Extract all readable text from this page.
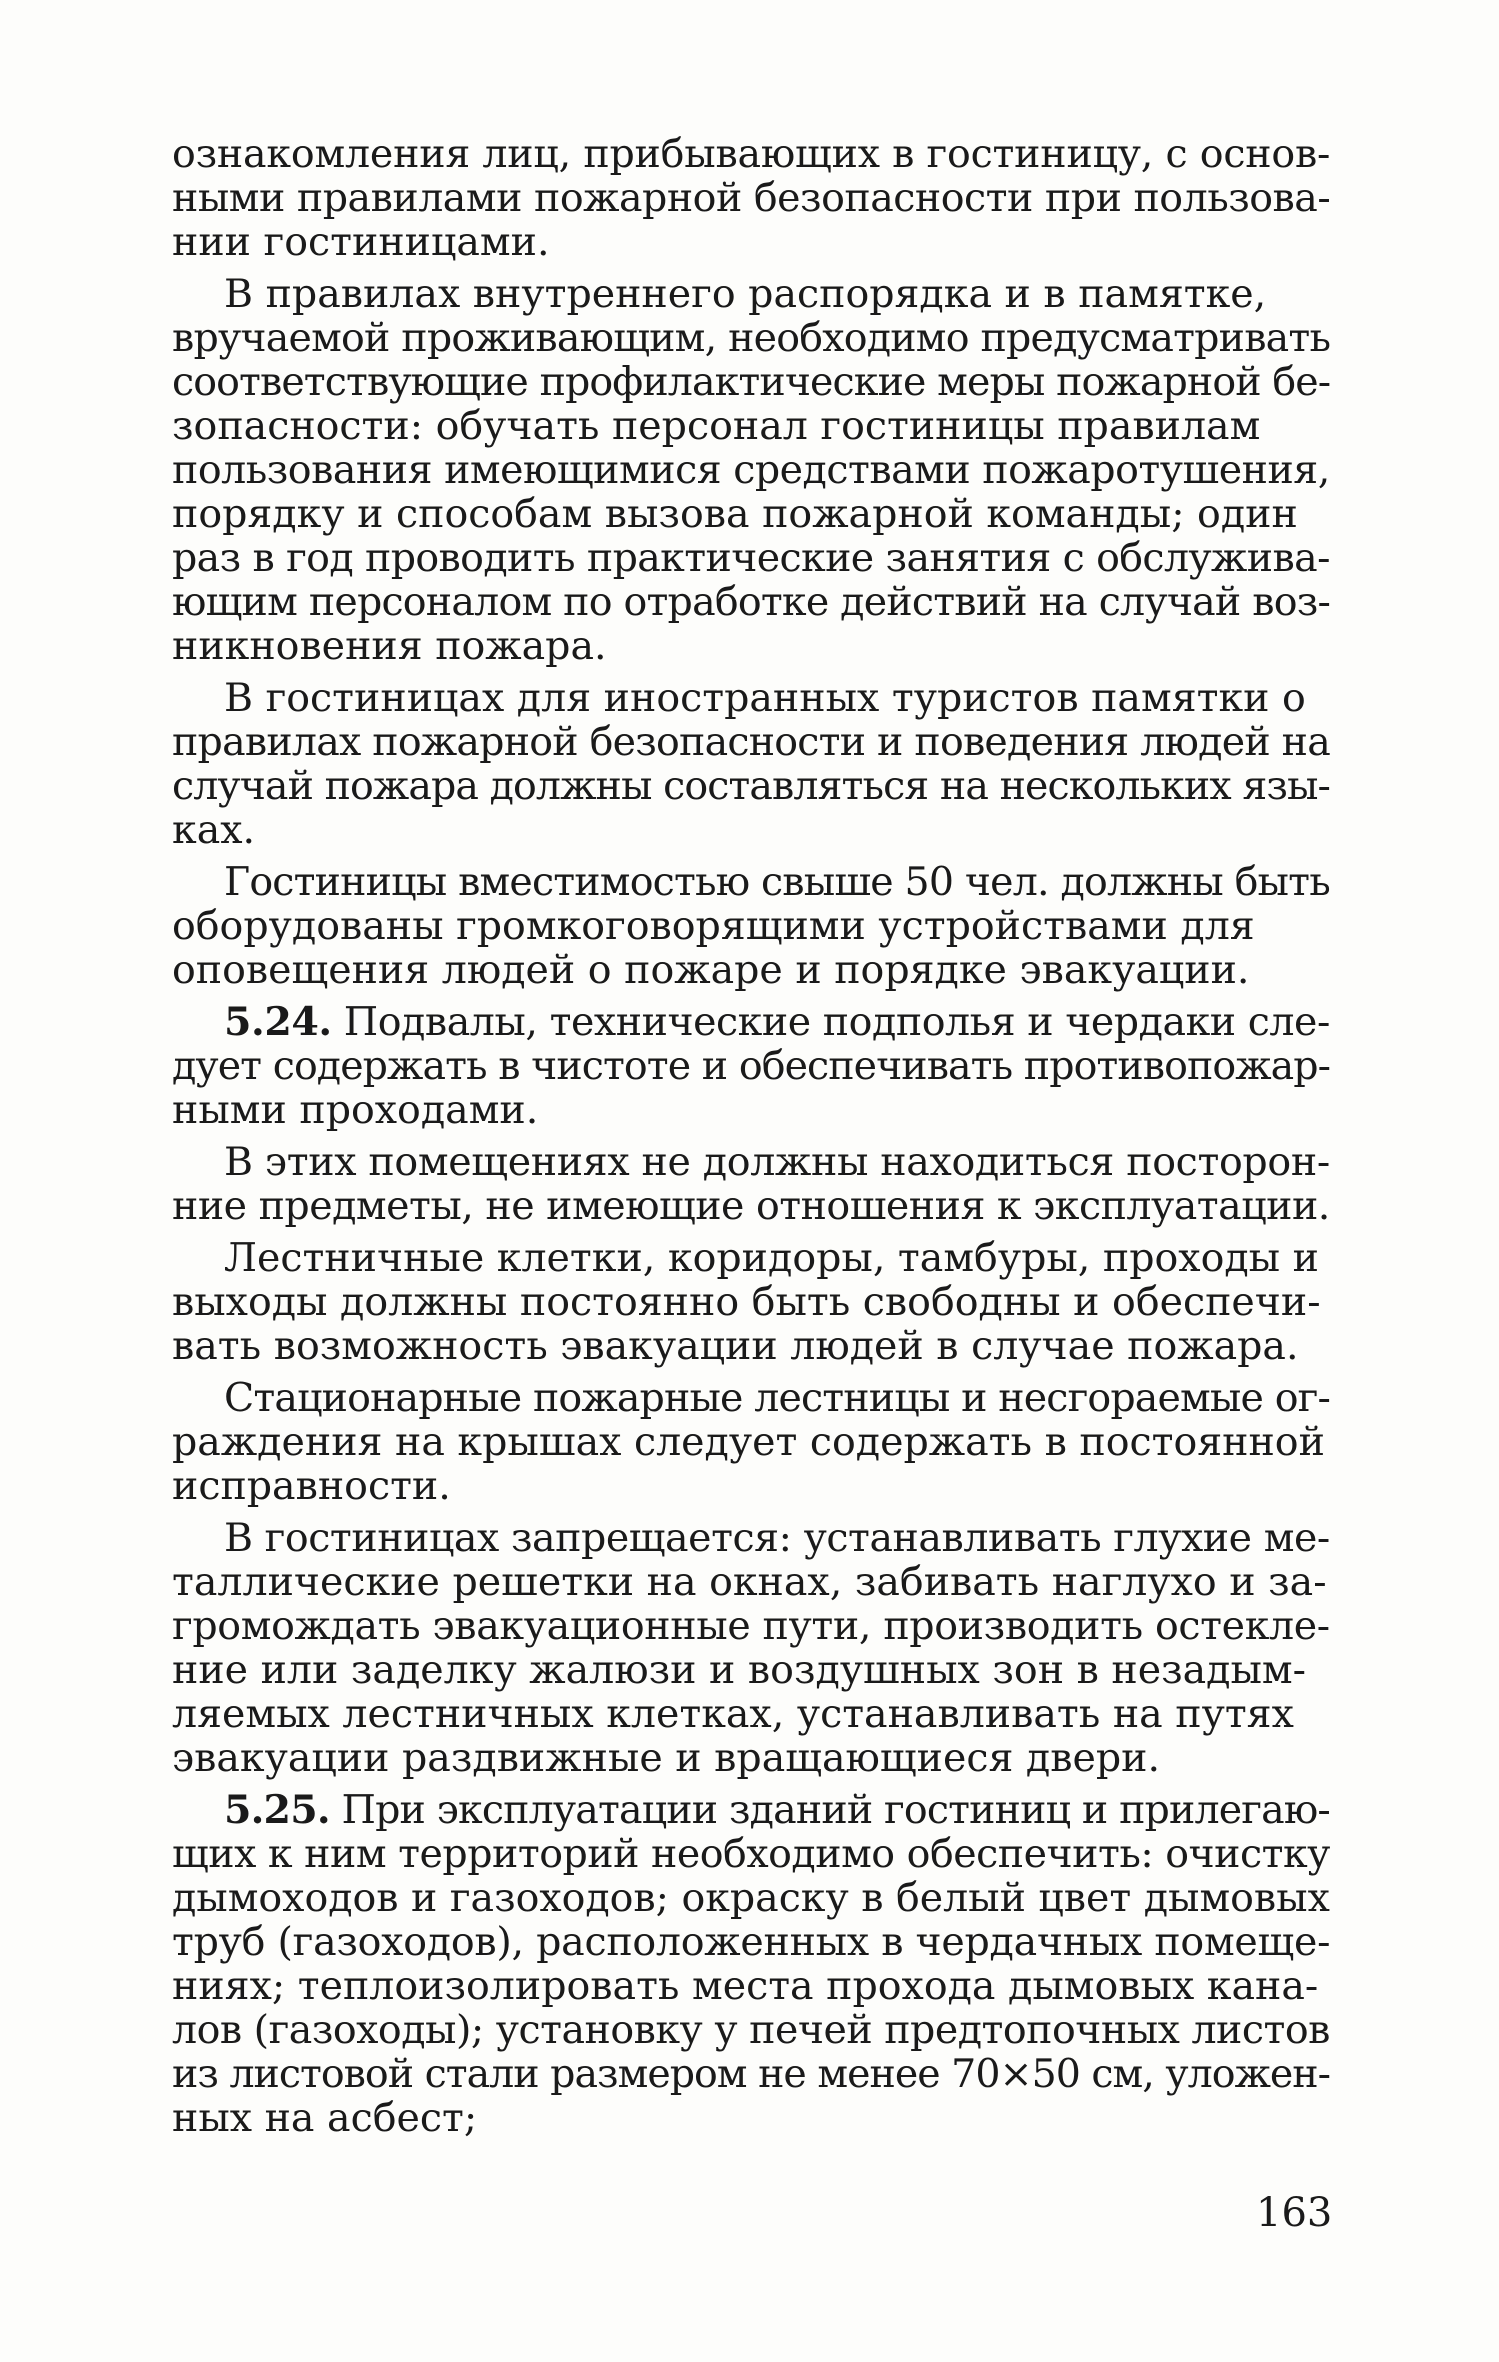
ознакомления лиц, прибывающих в гостиницу, с основ-
ными правилами пожарной безопасности при пользова-
нии гостиницами.
В правилах внутреннего распорядка и в памятке,
вручаемой проживающим, необходимо предусматривать
соответствующие профилактические меры пожарной бе-
зопасности: обучать персонал гостиницы правилам
пользования имеющимися средствами пожаротушения,
порядку и способам вызова пожарной команды; один
раз в год проводить практические занятия с обслужива-
ющим персоналом по отработке действий на случай воз-
никновения пожара.
В гостиницах для иностранных туристов памятки о
правилах пожарной безопасности и поведения людей на
случай пожара должны составляться на нескольких язы-
ках.
Гостиницы вместимостью свыше 50 чел. должны быть
оборудованы громкоговорящими устройствами для
оповещения людей о пожаре и порядке эвакуации.
5.24. Подвалы, технические подполья и чердаки сле-
дует содержать в чистоте и обеспечивать противопожар-
ными проходами.
В этих помещениях не должны находиться посторон-
ние предметы, не имеющие отношения к эксплуатации.
Лестничные клетки, коридоры, тамбуры, проходы и
выходы должны постоянно быть свободны и обеспечи-
вать возможность эвакуации людей в случае пожара.
Стационарные пожарные лестницы и несгораемые ог-
раждения на крышах следует содержать в постоянной
исправности.
В гостиницах запрещается: устанавливать глухие ме-
таллические решетки на окнах, забивать наглухо и за-
громождать эвакуационные пути, производить остекле-
ние или заделку жалюзи и воздушных зон в незадым-
ляемых лестничных клетках, устанавливать на путях
эвакуации раздвижные и вращающиеся двери.
5.25. При эксплуатации зданий гостиниц и прилегаю-
щих к ним территорий необходимо обеспечить: очистку
дымоходов и газоходов; окраску в белый цвет дымовых
труб (газоходов), расположенных в чердачных помеще-
ниях; теплоизолировать места прохода дымовых кана-
лов (газоходы); установку у печей предтопочных листов
из листовой стали размером не менее 70×50 см, уложен-
ных на асбест;
163
